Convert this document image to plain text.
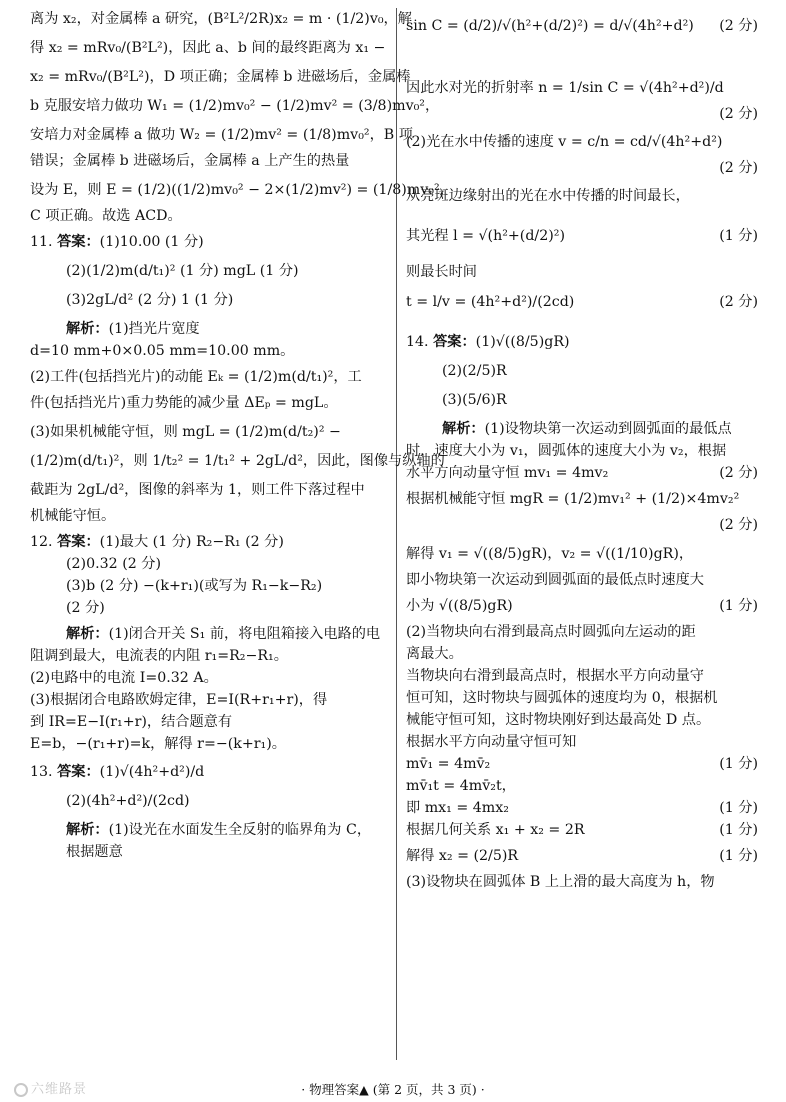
离为 x₂，对金属棒 a 研究，(B²L²/2R)x₂ = m · (1/2)v₀，解

得 x₂ = mRv₀/(B²L²)，因此 a、b 间的最终距离为 x₁ −

x₂ = mRv₀/(B²L²)，D 项正确；金属棒 b 进磁场后，金属棒

b 克服安培力做功 W₁ = (1/2)mv₀² − (1/2)mv² = (3/8)mv₀²，

安培力对金属棒 a 做功 W₂ = (1/2)mv² = (1/8)mv₀²，B 项

错误；金属棒 b 进磁场后，金属棒 a 上产生的热量

设为 E，则 E = (1/2)((1/2)mv₀² − 2×(1/2)mv²) = (1/8)mv₀²，

C 项正确。故选 ACD。

11. 答案：(1)10.00 (1 分)

(2)(1/2)m(d/t₁)² (1 分) mgL (1 分)

(3)2gL/d² (2 分) 1 (1 分)

解析：(1)挡光片宽度

d=10 mm+0×0.05 mm=10.00 mm。

(2)工件(包括挡光片)的动能 Eₖ = (1/2)m(d/t₁)²，工

件(包括挡光片)重力势能的减少量 ΔEₚ = mgL。

(3)如果机械能守恒，则 mgL = (1/2)m(d/t₂)² −

(1/2)m(d/t₁)²，则 1/t₂² = 1/t₁² + 2gL/d²，因此，图像与纵轴的

截距为 2gL/d²，图像的斜率为 1，则工件下落过程中

机械能守恒。

12. 答案：(1)最大 (1 分) R₂−R₁ (2 分)

(2)0.32 (2 分)

(3)b (2 分) −(k+r₁)(或写为 R₁−k−R₂)

(2 分)

解析：(1)闭合开关 S₁ 前，将电阻箱接入电路的电

阻调到最大，电流表的内阻 r₁=R₂−R₁。

(2)电路中的电流 I=0.32 A。

(3)根据闭合电路欧姆定律，E=I(R+r₁+r)，得

到 IR=E−I(r₁+r)，结合题意有

E=b，−(r₁+r)=k，解得 r=−(k+r₁)。

13. 答案：(1)√(4h²+d²)/d

(2)(4h²+d²)/(2cd)

解析：(1)设光在水面发生全反射的临界角为 C，

根据题意

sin C = (d/2)/√(h²+(d/2)²) = d/√(4h²+d²) (2 分)

因此水对光的折射率 n = 1/sin C = √(4h²+d²)/d

(2 分)

(2)光在水中传播的速度 v = c/n = cd/√(4h²+d²)

(2 分)

从亮斑边缘射出的光在水中传播的时间最长，

其光程 l = √(h²+(d/2)²)	(1 分)

则最长时间

t = l/v = (4h²+d²)/(2cd)	(2 分)

14. 答案：(1)√((8/5)gR)

(2)(2/5)R

(3)(5/6)R

解析：(1)设物块第一次运动到圆弧面的最低点

时，速度大小为 v₁，圆弧体的速度大小为 v₂，根据

水平方向动量守恒 mv₁ = 4mv₂	(2 分)

根据机械能守恒 mgR = (1/2)mv₁² + (1/2)×4mv₂²

(2 分)

解得 v₁ = √((8/5)gR)，v₂ = √((1/10)gR)，

即小物块第一次运动到圆弧面的最低点时速度大

小为 √((8/5)gR)	(1 分)

(2)当物块向右滑到最高点时圆弧向左运动的距

离最大。

当物块向右滑到最高点时，根据水平方向动量守

恒可知，这时物块与圆弧体的速度均为 0，根据机

械能守恒可知，这时物块刚好到达最高处 D 点。

根据水平方向动量守恒可知

mv̄₁ = 4mv̄₂	(1 分)

mv̄₁t = 4mv̄₂t，

即 mx₁ = 4mx₂	(1 分)
根据几何关系 x₁ + x₂ = 2R	(1 分)
解得 x₂ = (2/5)R	(1 分)

(3)设物块在圆弧体 B 上上滑的最大高度为 h，物

六维路景	· 物理答案▲ (第 2 页，共 3 页) ·
